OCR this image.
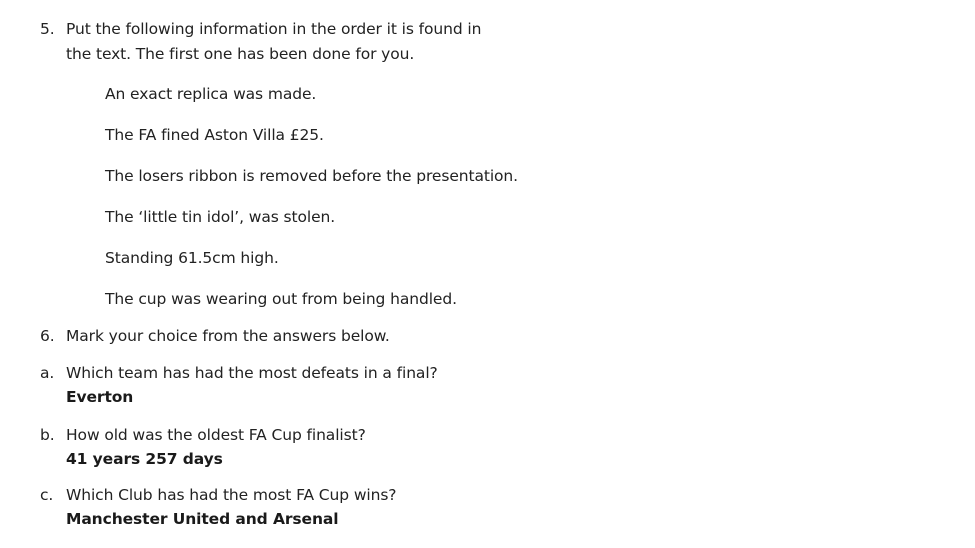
5. Put the following information in the order it is found in
the text. The first one has been done for you.
An exact replica was made.
The FA fined Aston Villa £25.
The losers ribbon is removed before the presentation.
The ‘little tin idol’, was stolen.
Standing 61.5cm high.
The cup was wearing out from being handled.
6. Mark your choice from the answers below.
a. Which team has had the most defeats in a final?
Everton
b. How old was the oldest FA Cup finalist?
41 years 257 days
c. Which Club has had the most FA Cup wins?
Manchester United and Arsenal
